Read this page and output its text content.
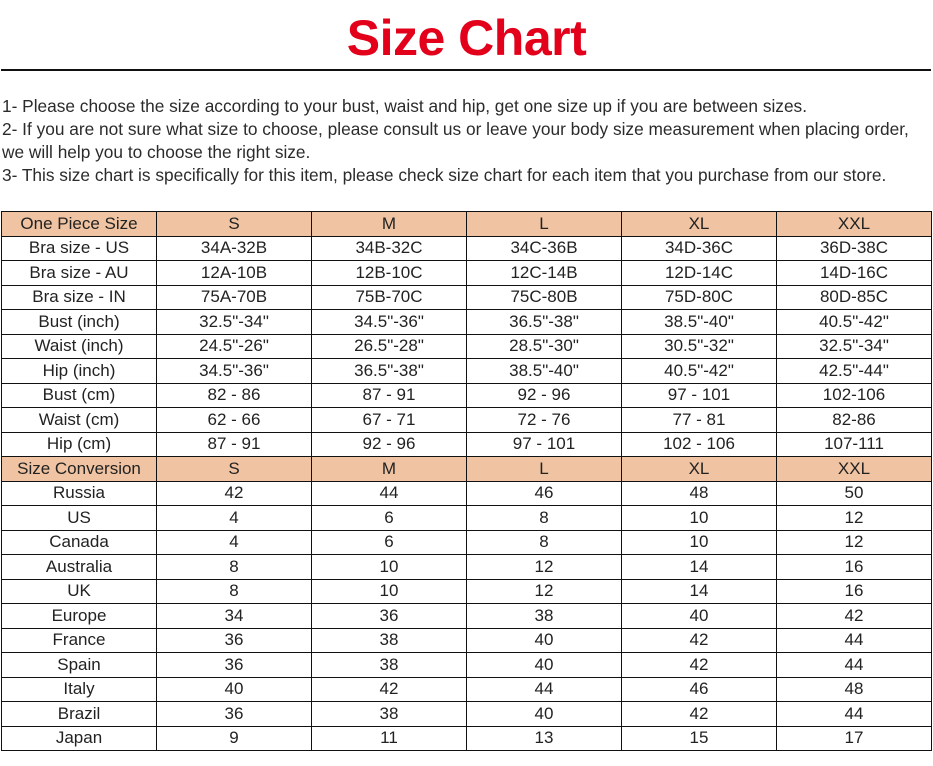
Size Chart

1- Please choose the size according to your bust, waist and hip, get one size up if you are between sizes.

2- If you are not sure what size to choose, please consult us or leave your body size measurement when placing order, we will help you to choose the right size.

3- This size chart is specifically for this item, please check size chart for each item that you purchase from our store.

One Piece Size	S	M	L	XL	XXL
Bra size - US	34A-32B	34B-32C	34C-36B	34D-36C	36D-38C
Bra size - AU	12A-10B	12B-10C	12C-14B	12D-14C	14D-16C
Bra size - IN	75A-70B	75B-70C	75C-80B	75D-80C	80D-85C
Bust (inch)	32.5"-34"	34.5"-36"	36.5"-38"	38.5"-40"	40.5"-42"
Waist (inch)	24.5"-26"	26.5"-28"	28.5"-30"	30.5"-32"	32.5"-34"
Hip (inch)	34.5"-36"	36.5"-38"	38.5"-40"	40.5"-42"	42.5"-44"
Bust (cm)	82 - 86	87 - 91	92 - 96	97 - 101	102-106
Waist (cm)	62 - 66	67 - 71	72 - 76	77 - 81	82-86
Hip (cm)	87 - 91	92 - 96	97 - 101	102 - 106	107-111
Size Conversion	S	M	L	XL	XXL
Russia	42	44	46	48	50
US	4	6	8	10	12
Canada	4	6	8	10	12
Australia	8	10	12	14	16
UK	8	10	12	14	16
Europe	34	36	38	40	42
France	36	38	40	42	44
Spain	36	38	40	42	44
Italy	40	42	44	46	48
Brazil	36	38	40	42	44
Japan	9	11	13	15	17
